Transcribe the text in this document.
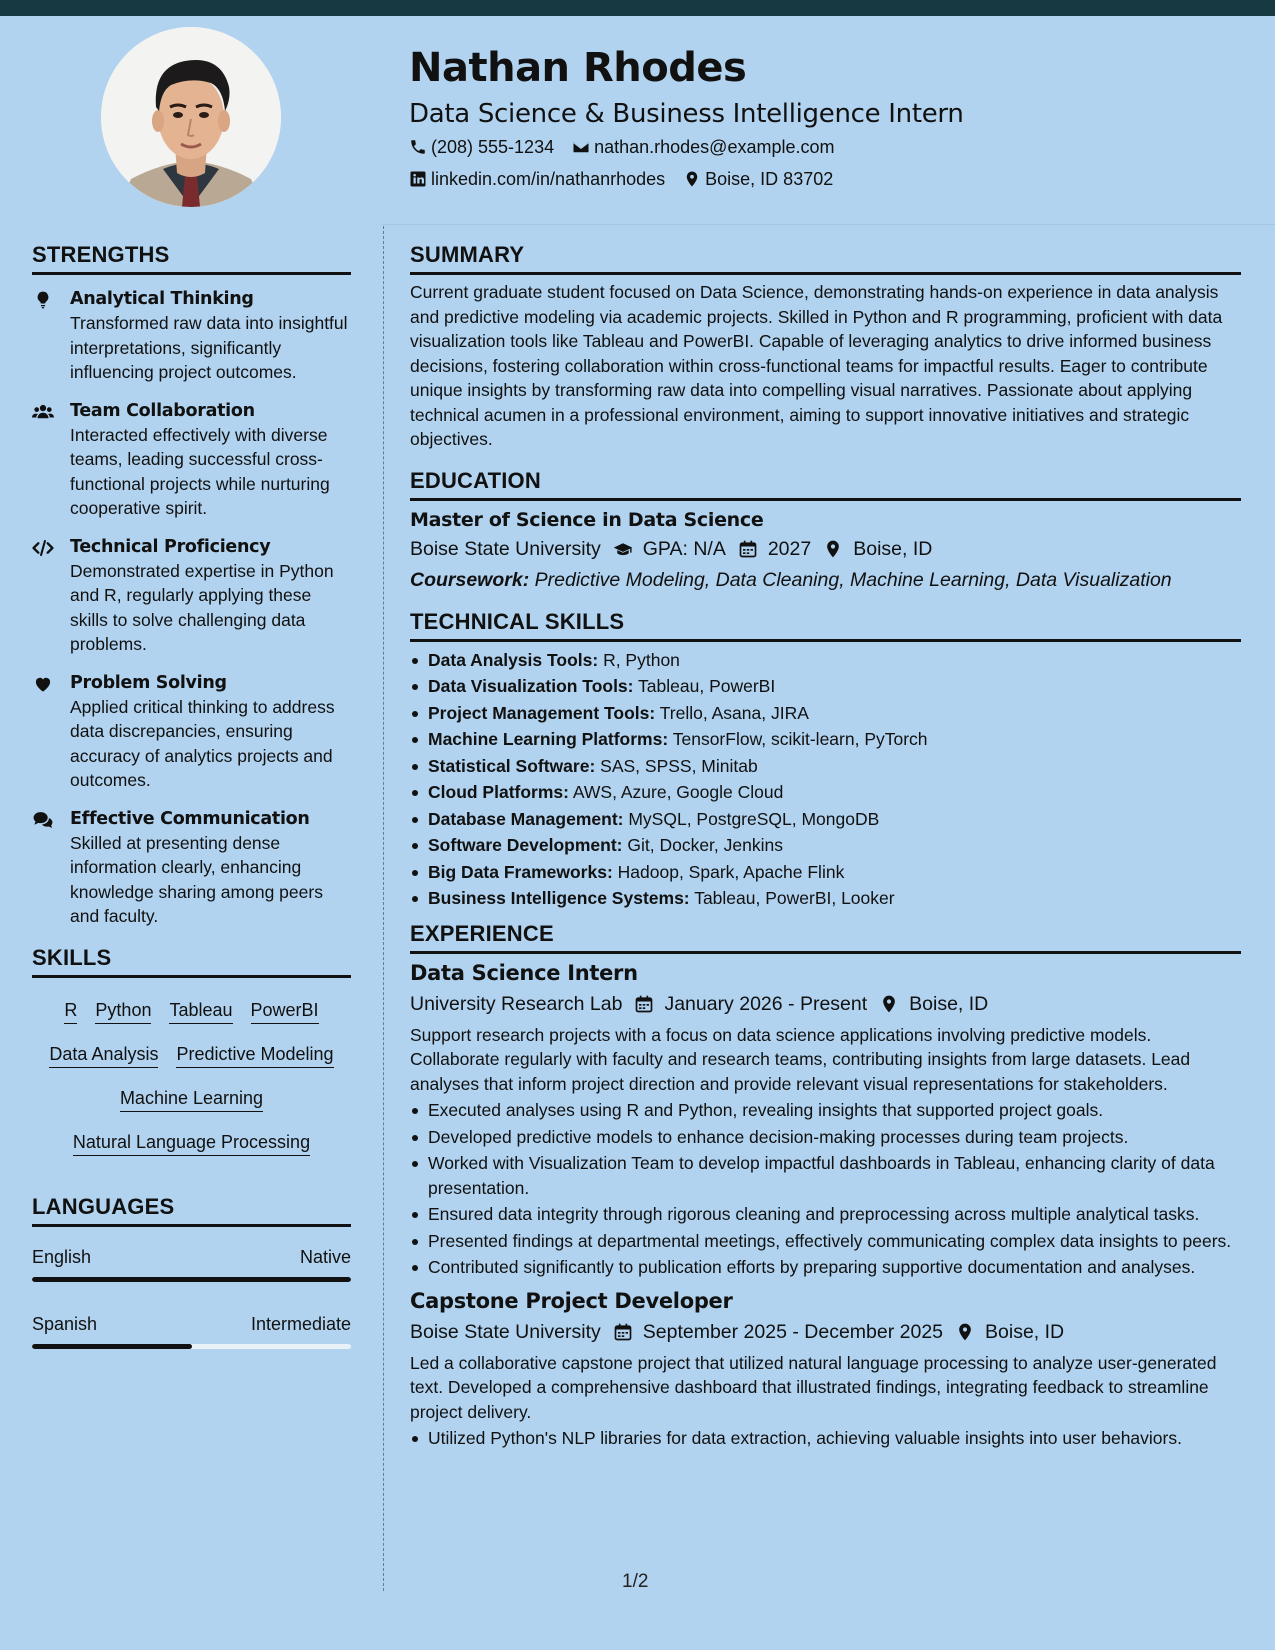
Nathan Rhodes
Data Science & Business Intelligence Intern
(208) 555-1234 nathan.rhodes@example.com
linkedin.com/in/nathanrhodes Boise, ID 83702
STRENGTHS
Analytical Thinking
Transformed raw data into insightful interpretations, significantly influencing project outcomes.
Team Collaboration
Interacted effectively with diverse teams, leading successful cross-functional projects while nurturing cooperative spirit.
Technical Proficiency
Demonstrated expertise in Python and R, regularly applying these skills to solve challenging data problems.
Problem Solving
Applied critical thinking to address data discrepancies, ensuring accuracy of analytics projects and outcomes.
Effective Communication
Skilled at presenting dense information clearly, enhancing knowledge sharing among peers and faculty.
SKILLS
R Python Tableau PowerBI
Data Analysis Predictive Modeling
Machine Learning
Natural Language Processing
LANGUAGES
English	Native
Spanish	Intermediate
SUMMARY
Current graduate student focused on Data Science, demonstrating hands-on experience in data analysis and predictive modeling via academic projects. Skilled in Python and R programming, proficient with data visualization tools like Tableau and PowerBI. Capable of leveraging analytics to drive informed business decisions, fostering collaboration within cross-functional teams for impactful results. Eager to contribute unique insights by transforming raw data into compelling visual narratives. Passionate about applying technical acumen in a professional environment, aiming to support innovative initiatives and strategic objectives.
EDUCATION
Master of Science in Data Science
Boise State University GPA: N/A 2027 Boise, ID
Coursework: Predictive Modeling, Data Cleaning, Machine Learning, Data Visualization
TECHNICAL SKILLS
Data Analysis Tools: R, Python
Data Visualization Tools: Tableau, PowerBI
Project Management Tools: Trello, Asana, JIRA
Machine Learning Platforms: TensorFlow, scikit-learn, PyTorch
Statistical Software: SAS, SPSS, Minitab
Cloud Platforms: AWS, Azure, Google Cloud
Database Management: MySQL, PostgreSQL, MongoDB
Software Development: Git, Docker, Jenkins
Big Data Frameworks: Hadoop, Spark, Apache Flink
Business Intelligence Systems: Tableau, PowerBI, Looker
EXPERIENCE
Data Science Intern
University Research Lab January 2026 - Present Boise, ID
Support research projects with a focus on data science applications involving predictive models. Collaborate regularly with faculty and research teams, contributing insights from large datasets. Lead analyses that inform project direction and provide relevant visual representations for stakeholders.
Executed analyses using R and Python, revealing insights that supported project goals.
Developed predictive models to enhance decision-making processes during team projects.
Worked with Visualization Team to develop impactful dashboards in Tableau, enhancing clarity of data presentation.
Ensured data integrity through rigorous cleaning and preprocessing across multiple analytical tasks.
Presented findings at departmental meetings, effectively communicating complex data insights to peers.
Contributed significantly to publication efforts by preparing supportive documentation and analyses.
Capstone Project Developer
Boise State University September 2025 - December 2025 Boise, ID
Led a collaborative capstone project that utilized natural language processing to analyze user-generated text. Developed a comprehensive dashboard that illustrated findings, integrating feedback to streamline project delivery.
Utilized Python's NLP libraries for data extraction, achieving valuable insights into user behaviors.
1/2
